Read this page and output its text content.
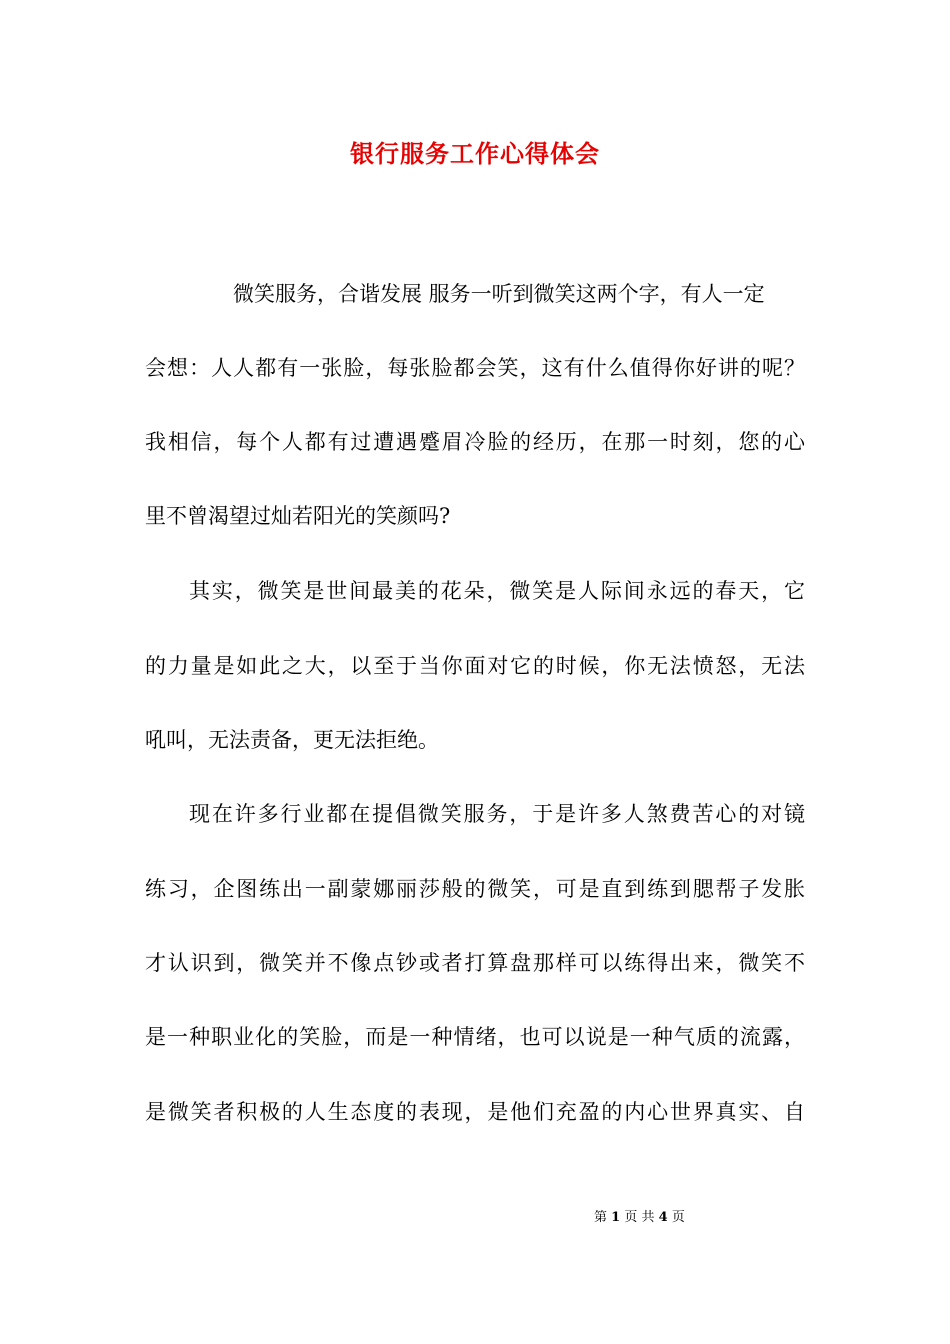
银行服务工作心得体会
微笑服务，合谐发展 服务一听到微笑这两个字，有人一定
会想：人人都有一张脸，每张脸都会笑，这有什么值得你好讲的呢？
我相信，每个人都有过遭遇蹙眉冷脸的经历，在那一时刻，您的心
里不曾渴望过灿若阳光的笑颜吗?
其实，微笑是世间最美的花朵，微笑是人际间永远的春天，它
的力量是如此之大，以至于当你面对它的时候，你无法愤怒，无法
吼叫，无法责备，更无法拒绝。
现在许多行业都在提倡微笑服务，于是许多人煞费苦心的对镜
练习，企图练出一副蒙娜丽莎般的微笑，可是直到练到腮帮子发胀
才认识到，微笑并不像点钞或者打算盘那样可以练得出来，微笑不
是一种职业化的笑脸，而是一种情绪，也可以说是一种气质的流露，
是微笑者积极的人生态度的表现，是他们充盈的内心世界真实、自
第 1 页 共 4 页
